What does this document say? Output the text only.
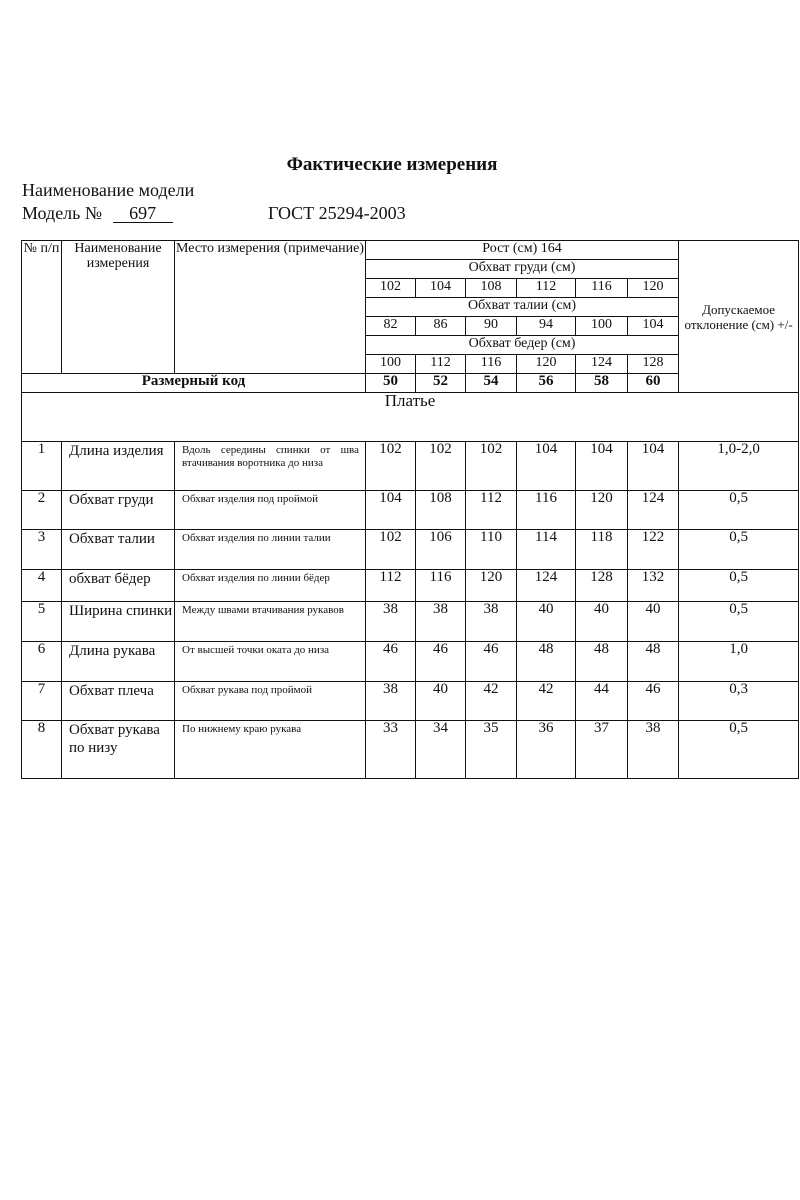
Фактические измерения
Наименование модели
Модель № 697	ГОСТ 25294-2003
№ п/п	Наименование измерения	Место измерения (примечание)	Рост (см) 164						Допускаемое отклонение (см) +/-
			Обхват груди (см)						
			102	104	108	112	116	120	
			Обхват талии (см)						
			82	86	90	94	100	104	
			Обхват бедер (см)						
			100	112	116	120	124	128	
Размерный код			50	52	54	56	58	60	
Платье									
1	Длина изделия	Вдоль середины спинки от шва втачивания воротника до низа	102	102	102	104	104	104	1,0-2,0
2	Обхват груди	Обхват изделия под проймой	104	108	112	116	120	124	0,5
3	Обхват талии	Обхват изделия по линии талии	102	106	110	114	118	122	0,5
4	обхват бёдер	Обхват изделия по линии бёдер	112	116	120	124	128	132	0,5
5	Ширина спинки	Между швами втачивания рукавов	38	38	38	40	40	40	0,5
6	Длина рукава	От высшей точки оката до низа	46	46	46	48	48	48	1,0
7	Обхват плеча	Обхват рукава под проймой	38	40	42	42	44	46	0,3
8	Обхват рукава по низу	По нижнему краю рукава	33	34	35	36	37	38	0,5
